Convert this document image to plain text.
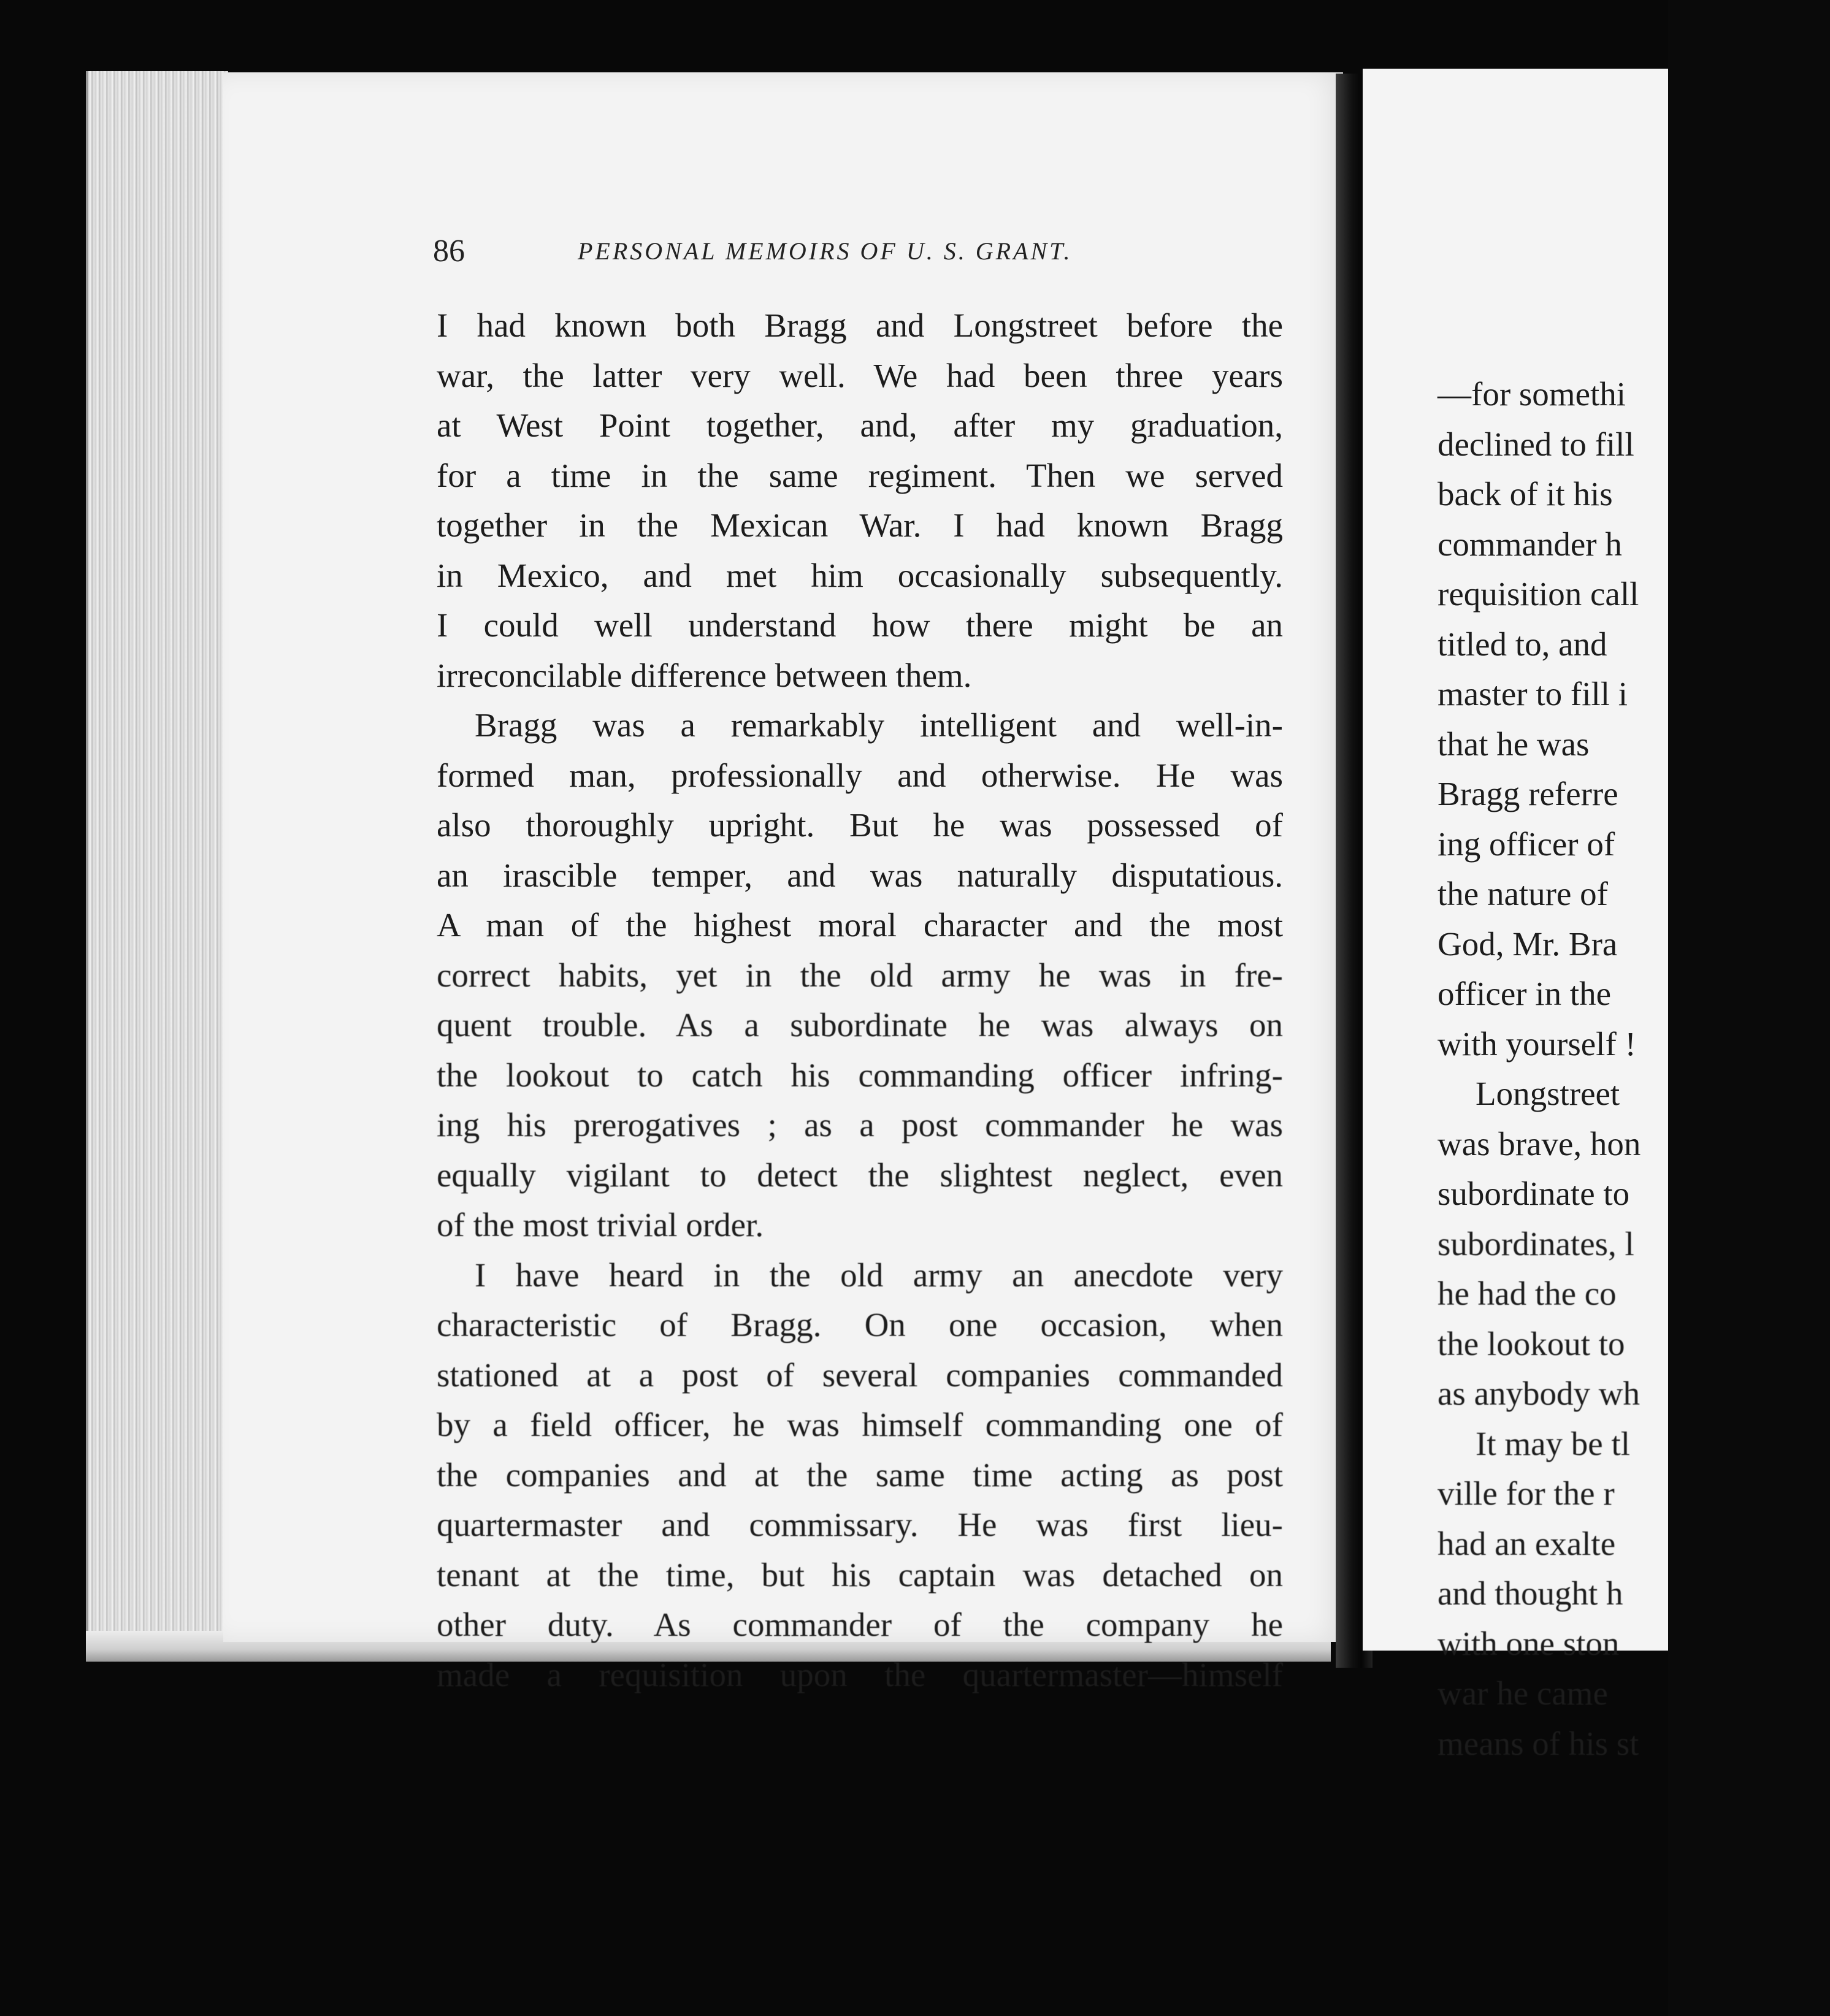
—for somethi
declined to fill
back of it his
commander h
requisition call
titled to, and
master to fill i
that he was
Bragg referre
ing officer of
the nature of
God, Mr. Bra
officer in the
with yourself !
Longstreet
was brave, hon
subordinate to
subordinates, l
he had the co
the lookout to
as anybody wh
It may be tl
ville for the r
had an exalte
and thought h
with one ston
war he came
means of his st
86	PERSONAL MEMOIRS OF U. S. GRANT.
I had known both Bragg and Longstreet before the
war, the latter very well. We had been three years
at West Point together, and, after my graduation,
for a time in the same regiment. Then we served
together in the Mexican War. I had known Bragg
in Mexico, and met him occasionally subsequently.
I could well understand how there might be an
irreconcilable difference between them.
Bragg was a remarkably intelligent and well-in-
formed man, professionally and otherwise. He was
also thoroughly upright. But he was possessed of
an irascible temper, and was naturally disputatious.
A man of the highest moral character and the most
correct habits, yet in the old army he was in fre-
quent trouble. As a subordinate he was always on
the lookout to catch his commanding officer infring-
ing his prerogatives ; as a post commander he was
equally vigilant to detect the slightest neglect, even
of the most trivial order.
I have heard in the old army an anecdote very
characteristic of Bragg. On one occasion, when
stationed at a post of several companies commanded
by a field officer, he was himself commanding one of
the companies and at the same time acting as post
quartermaster and commissary. He was first lieu-
tenant at the time, but his captain was detached on
other duty. As commander of the company he
made a requisition upon the quartermaster—himself
